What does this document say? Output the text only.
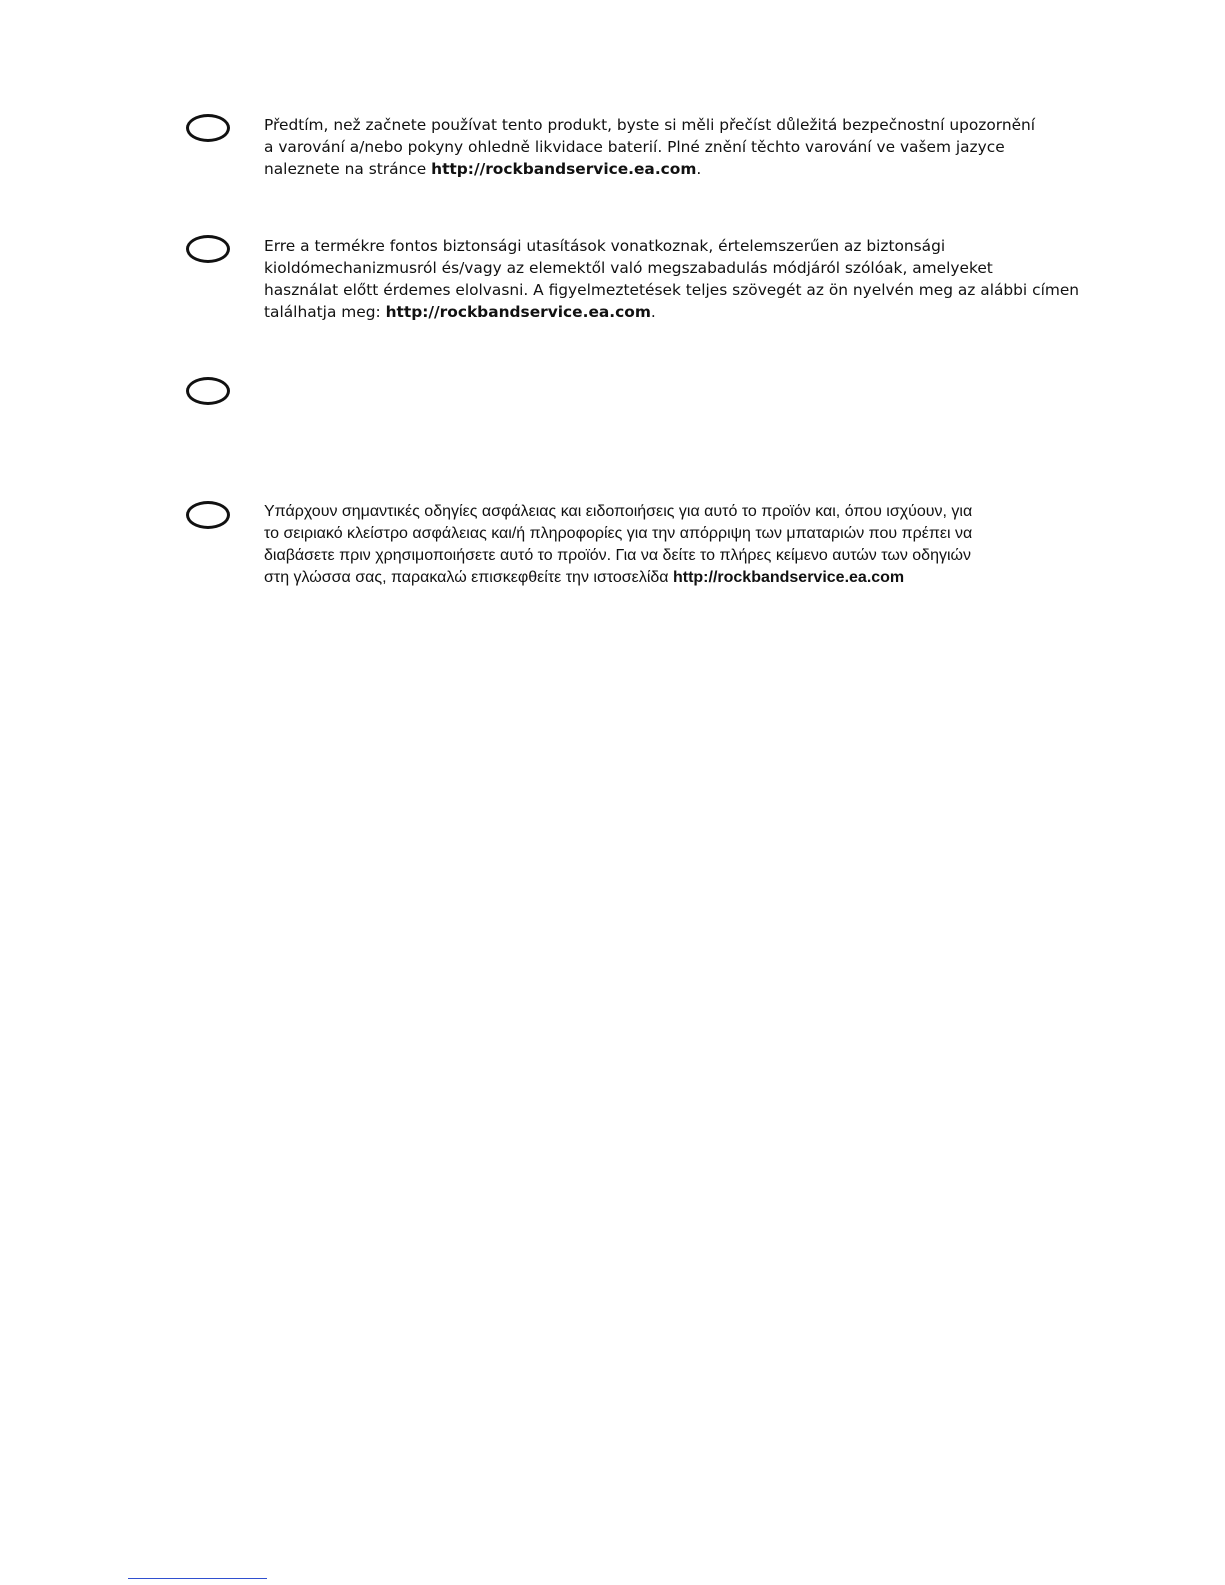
Předtím, než začnete používat tento produkt, byste si měli přečíst důležitá bezpečnostní upozornění
a varování a/nebo pokyny ohledně likvidace baterií. Plné znění těchto varování ve vašem jazyce
naleznete na stránce http://rockbandservice.ea.com.

Erre a termékre fontos biztonsági utasítások vonatkoznak, értelemszerűen az biztonsági
kioldómechanizmusról és/vagy az elemektől való megszabadulás módjáról szólóak, amelyeket
használat előtt érdemes elolvasni. A figyelmeztetések teljes szövegét az ön nyelvén meg az alábbi címen
találhatja meg: http://rockbandservice.ea.com.

Υπάρχουν σημαντικές οδηγίες ασφάλειας και ειδοποιήσεις για αυτό το προϊόν και, όπου ισχύουν, για
το σειριακό κλείστρο ασφάλειας και/ή πληροφορίες για την απόρριψη των μπαταριών που πρέπει να
διαβάσετε πριν χρησιμοποιήσετε αυτό το προϊόν. Για να δείτε το πλήρες κείμενο αυτών των οδηγιών
στη γλώσσα σας, παρακαλώ επισκεφθείτε την ιστοσελίδα http://rockbandservice.ea.com
